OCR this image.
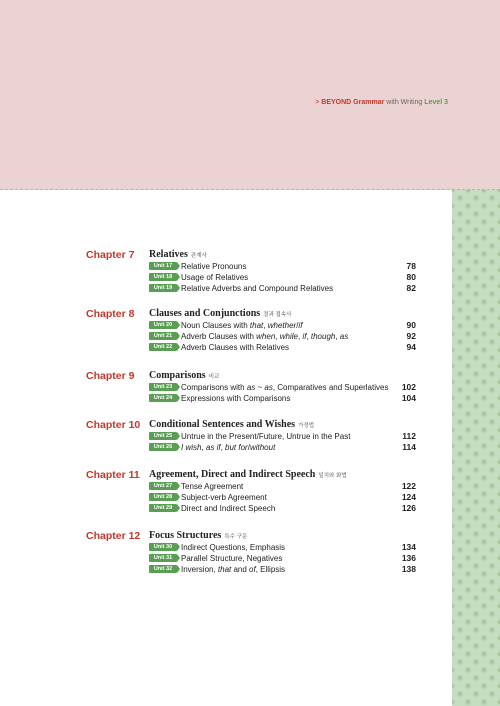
> BEYOND Grammar with Writing Level 3
Chapter 7 Relatives 관계사
Unit 17	Relative Pronouns	78
Unit 18	Usage of Relatives	80
Unit 19	Relative Adverbs and Compound Relatives	82
Chapter 8 Clauses and Conjunctions 절과 접속사
Unit 20	Noun Clauses with that, whether/if	90
Unit 21	Adverb Clauses with when, while, if, though, as	92
Unit 22	Adverb Clauses with Relatives	94
Chapter 9 Comparisons 비교
Unit 23	Comparisons with as ~ as, Comparatives and Superlatives 102
Unit 24	Expressions with Comparisons	104
Chapter 10 Conditional Sentences and Wishes 가정법
Unit 25	Untrue in the Present/Future, Untrue in the Past	112
Unit 26	I wish, as if, but for/without	114
Chapter 11 Agreement, Direct and Indirect Speech 일치와 화법
Unit 27	Tense Agreement	122
Unit 28	Subject-verb Agreement	124
Unit 29	Direct and Indirect Speech	126
Chapter 12 Focus Structures 특수 구문
Unit 30	Indirect Questions, Emphasis	134
Unit 31	Parallel Structure, Negatives	136
Unit 32	Inversion, that and of, Ellipsis	138
